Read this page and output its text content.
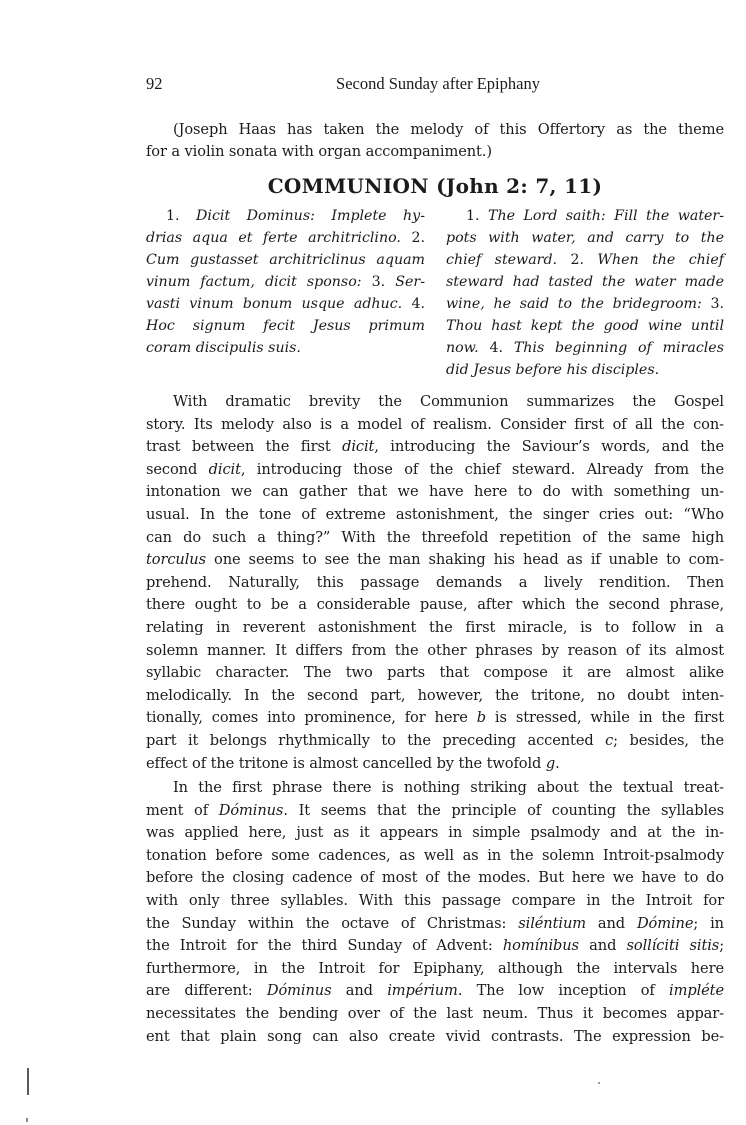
92	Second Sunday after Epiphany
(Joseph Haas has taken the melody of this Offertory as the theme
for a violin sonata with organ accompaniment.)
COMMUNION (John 2: 7, 11)
1. Dicit Dominus: Implete hy-
drias aqua et ferte architriclino. 2.
Cum gustasset architriclinus aquam
vinum factum, dicit sponso: 3. Ser-
vasti vinum bonum usque adhuc. 4.
Hoc signum fecit Jesus primum
coram discipulis suis.
1. The Lord saith: Fill the water-
pots with water, and carry to the
chief steward. 2. When the chief
steward had tasted the water made
wine, he said to the bridegroom: 3.
Thou hast kept the good wine until
now. 4. This beginning of miracles
did Jesus before his disciples.
With dramatic brevity the Communion summarizes the Gospel
story. Its melody also is a model of realism. Consider first of all the con-
trast between the first dicit, introducing the Saviour’s words, and the
second dicit, introducing those of the chief steward. Already from the
intonation we can gather that we have here to do with something un-
usual. In the tone of extreme astonishment, the singer cries out: “Who
can do such a thing?” With the threefold repetition of the same high
torculus one seems to see the man shaking his head as if unable to com-
prehend. Naturally, this passage demands a lively rendition. Then
there ought to be a considerable pause, after which the second phrase,
relating in reverent astonishment the first miracle, is to follow in a
solemn manner. It differs from the other phrases by reason of its almost
syllabic character. The two parts that compose it are almost alike
melodically. In the second part, however, the tritone, no doubt inten-
tionally, comes into prominence, for here b is stressed, while in the first
part it belongs rhythmically to the preceding accented c; besides, the
effect of the tritone is almost cancelled by the twofold g.
In the first phrase there is nothing striking about the textual treat-
ment of Dóminus. It seems that the principle of counting the syllables
was applied here, just as it appears in simple psalmody and at the in-
tonation before some cadences, as well as in the solemn Introit-psalmody
before the closing cadence of most of the modes. But here we have to do
with only three syllables. With this passage compare in the Introit for
the Sunday within the octave of Christmas: siléntium and Dómine; in
the Introit for the third Sunday of Advent: homínibus and sollíciti sitis;
furthermore, in the Introit for Epiphany, although the intervals here
are different: Dóminus and impérium. The low inception of impléte
necessitates the bending over of the last neum. Thus it becomes appar-
ent that plain song can also create vivid contrasts. The expression be-
